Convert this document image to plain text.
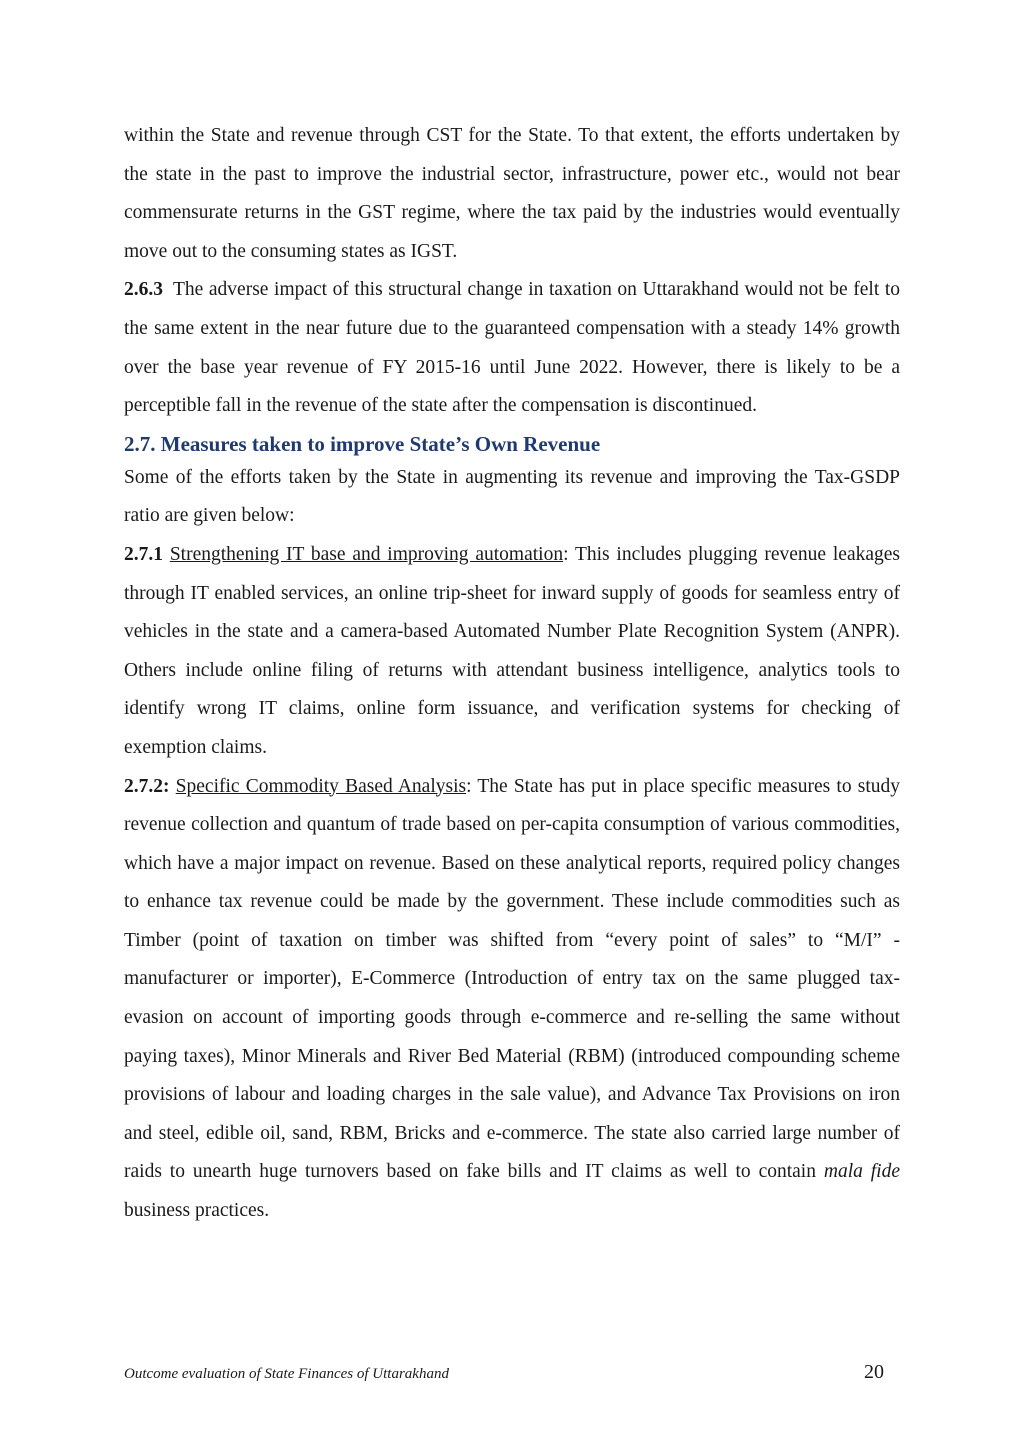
within the State and revenue through CST for the State. To that extent, the efforts undertaken by the state in the past to improve the industrial sector, infrastructure, power etc., would not bear commensurate returns in the GST regime, where the tax paid by the industries would eventually move out to the consuming states as IGST.

2.6.3 The adverse impact of this structural change in taxation on Uttarakhand would not be felt to the same extent in the near future due to the guaranteed compensation with a steady 14% growth over the base year revenue of FY 2015-16 until June 2022. However, there is likely to be a perceptible fall in the revenue of the state after the compensation is discontinued.

2.7. Measures taken to improve State’s Own Revenue

Some of the efforts taken by the State in augmenting its revenue and improving the Tax-GSDP ratio are given below:

2.7.1 Strengthening IT base and improving automation: This includes plugging revenue leakages through IT enabled services, an online trip-sheet for inward supply of goods for seamless entry of vehicles in the state and a camera-based Automated Number Plate Recognition System (ANPR). Others include online filing of returns with attendant business intelligence, analytics tools to identify wrong IT claims, online form issuance, and verification systems for checking of exemption claims.

2.7.2: Specific Commodity Based Analysis: The State has put in place specific measures to study revenue collection and quantum of trade based on per-capita consumption of various commodities, which have a major impact on revenue. Based on these analytical reports, required policy changes to enhance tax revenue could be made by the government. These include commodities such as Timber (point of taxation on timber was shifted from “every point of sales” to “M/I” - manufacturer or importer), E-Commerce (Introduction of entry tax on the same plugged tax-evasion on account of importing goods through e-commerce and re-selling the same without paying taxes), Minor Minerals and River Bed Material (RBM) (introduced compounding scheme provisions of labour and loading charges in the sale value), and Advance Tax Provisions on iron and steel, edible oil, sand, RBM, Bricks and e-commerce. The state also carried large number of raids to unearth huge turnovers based on fake bills and IT claims as well to contain mala fide business practices.

Outcome evaluation of State Finances of Uttarakhand	20
